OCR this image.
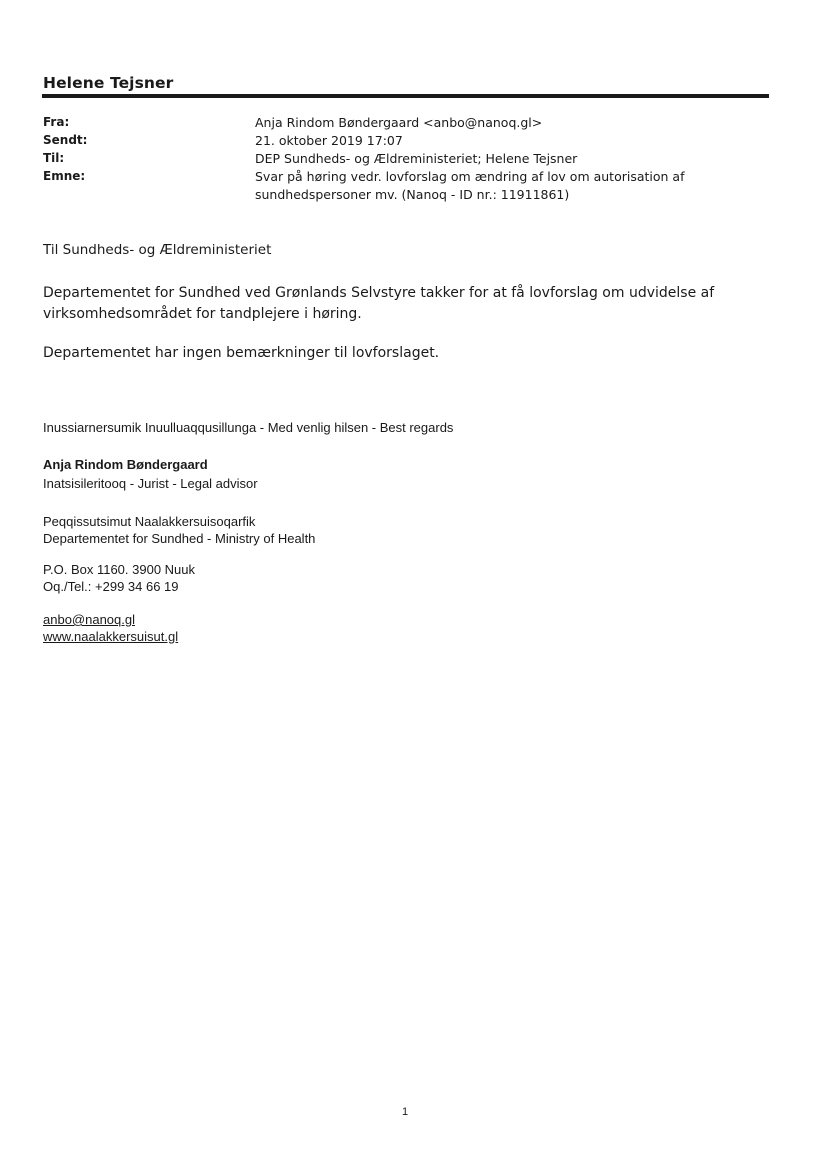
Helene Tejsner
Fra:	Anja Rindom Bøndergaard <anbo@nanoq.gl>
Sendt:	21. oktober 2019 17:07
Til:	DEP Sundheds- og Ældreministeriet; Helene Tejsner
Emne:	Svar på høring vedr. lovforslag om ændring af lov om autorisation af sundhedspersoner mv. (Nanoq - ID nr.: 11911861)
Til Sundheds- og Ældreministeriet
Departementet for Sundhed ved Grønlands Selvstyre takker for at få lovforslag om udvidelse af virksomhedsområdet for tandplejere i høring.
Departementet har ingen bemærkninger til lovforslaget.
Inussiarnersumik Inuulluaqqusillunga - Med venlig hilsen - Best regards
Anja Rindom Bøndergaard
Inatsisileritooq - Jurist - Legal advisor
Peqqissutsimut Naalakkersuisoqarfik
Departementet for Sundhed - Ministry of Health
P.O. Box 1160. 3900 Nuuk
Oq./Tel.: +299 34 66 19
anbo@nanoq.gl
www.naalakkersuisut.gl
1
